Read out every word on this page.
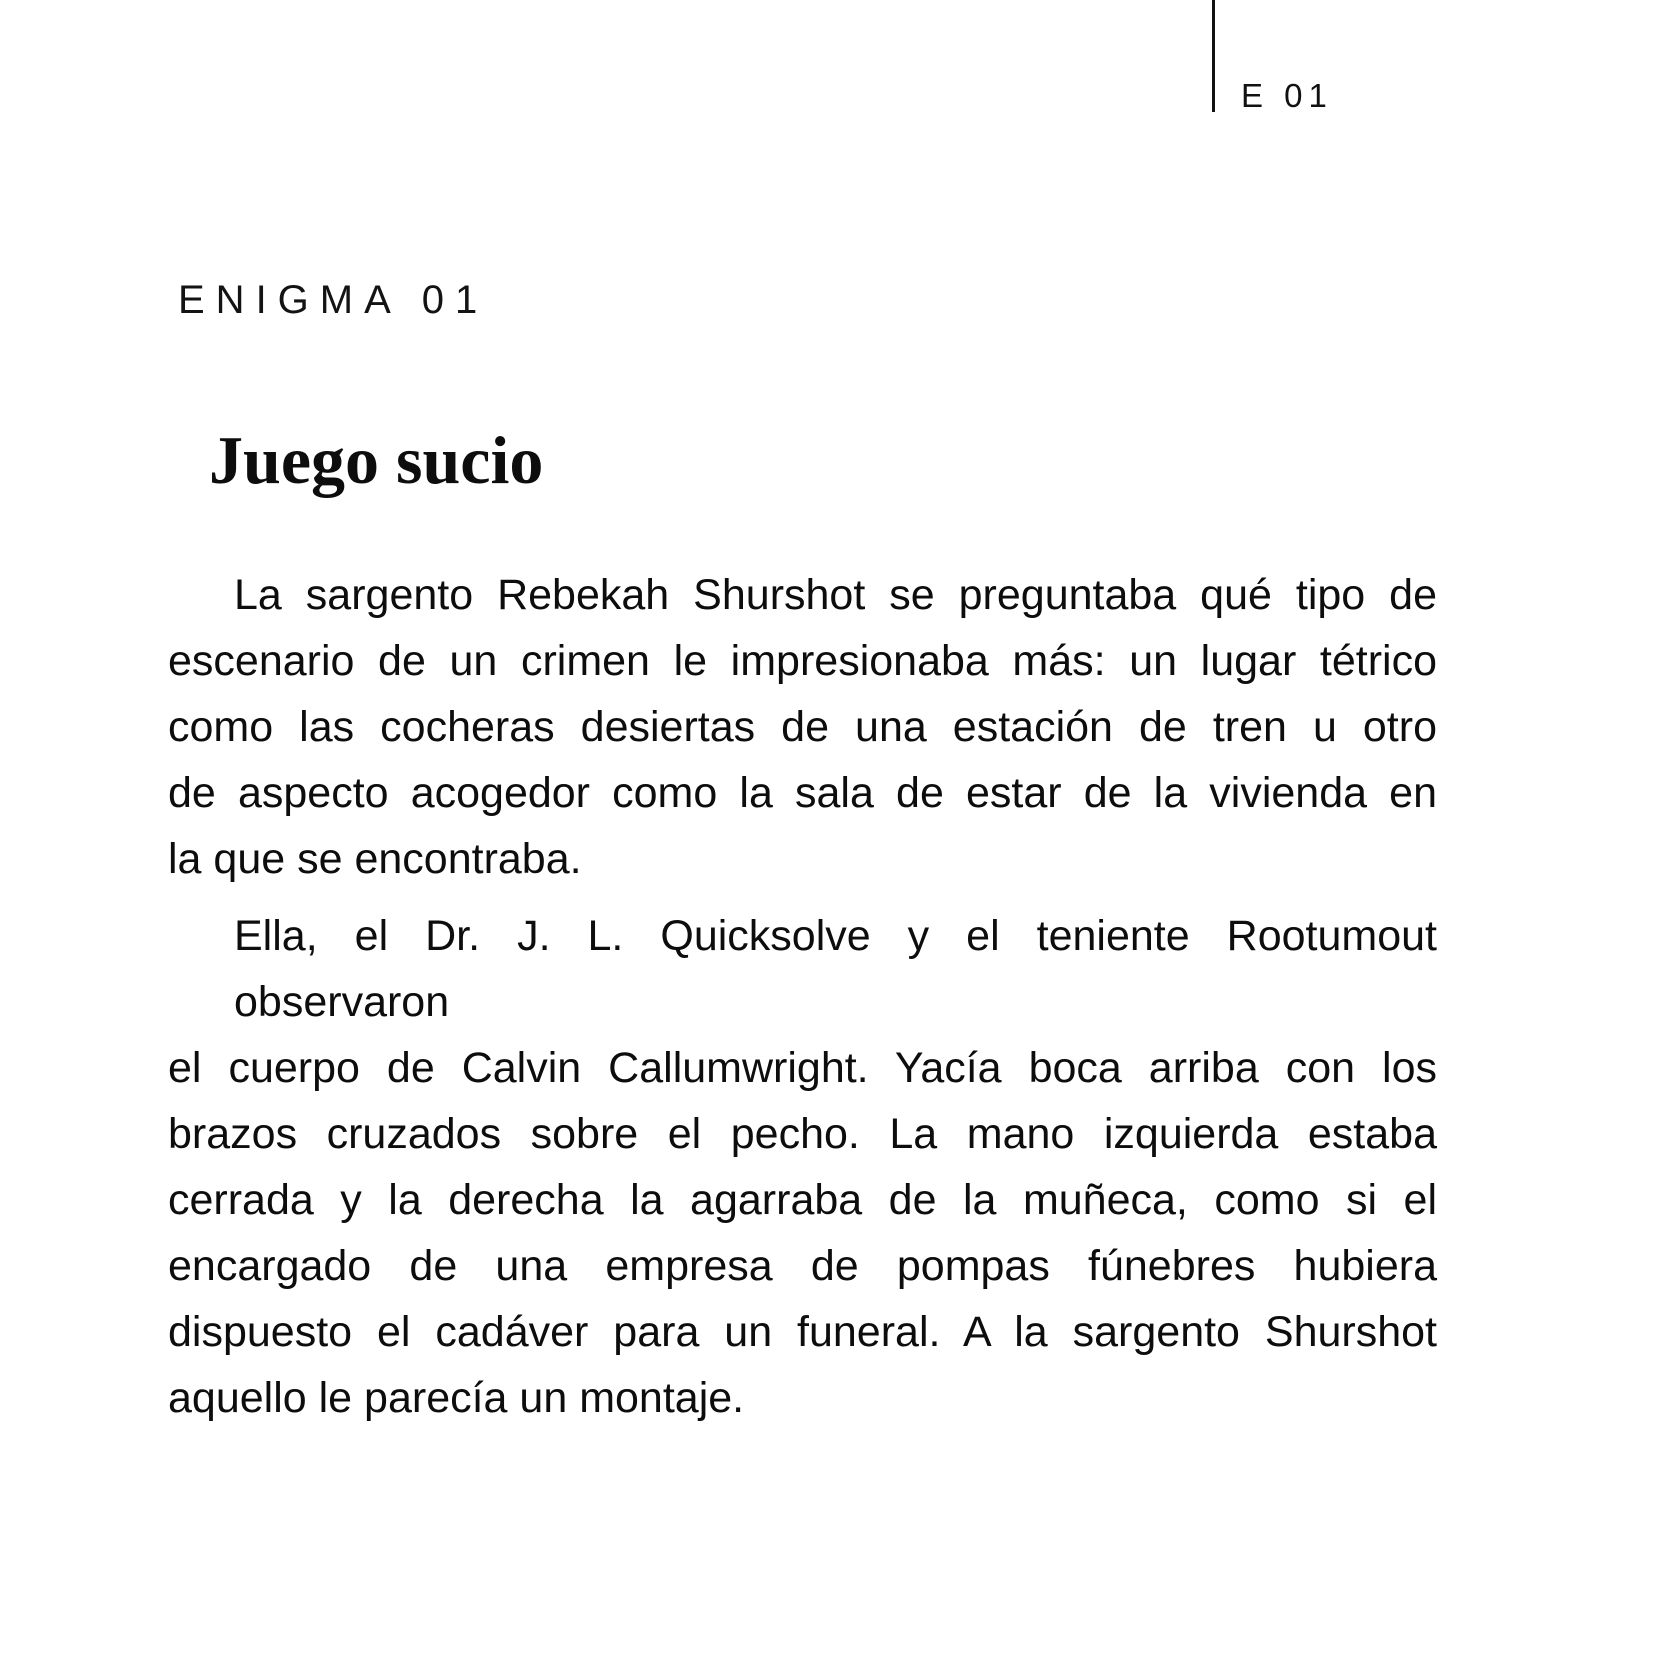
E 01
ENIGMA 01
Juego sucio
La sargento Rebekah Shurshot se preguntaba qué tipo de
escenario de un crimen le impresionaba más: un lugar tétrico
como las cocheras desiertas de una estación de tren u otro
de aspecto acogedor como la sala de estar de la vivienda en
la que se encontraba.
Ella, el Dr. J. L. Quicksolve y el teniente Rootumout observaron
el cuerpo de Calvin Callumwright. Yacía boca arriba con los
brazos cruzados sobre el pecho. La mano izquierda estaba
cerrada y la derecha la agarraba de la muñeca, como si el
encargado de una empresa de pompas fúnebres hubiera
dispuesto el cadáver para un funeral. A la sargento Shurshot
aquello le parecía un montaje.
